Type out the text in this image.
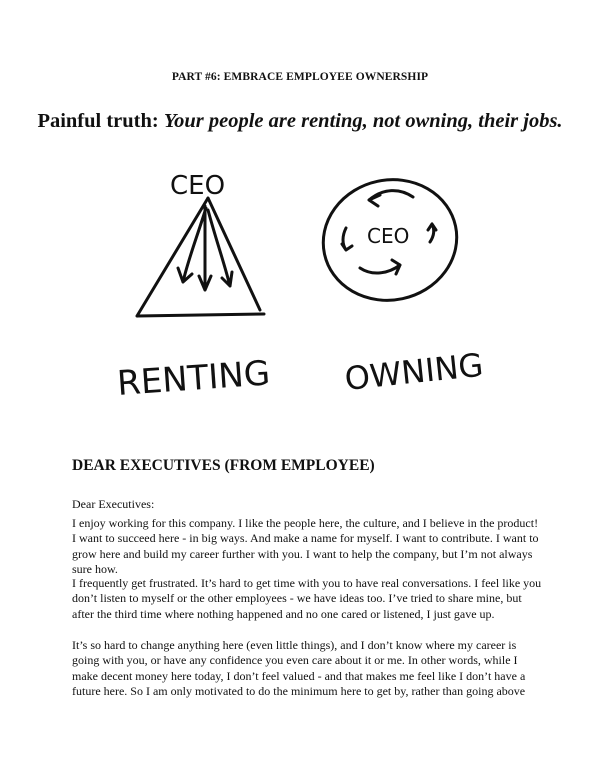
PART #6: EMBRACE EMPLOYEE OWNERSHIP
Painful truth: Your people are renting, not owning, their jobs.
CEO
RENTING
CEO
OWNING
DEAR EXECUTIVES (FROM EMPLOYEE)
Dear Executives:
I enjoy working for this company. I like the people here, the culture, and I believe in the product! I want to succeed here - in big ways. And make a name for myself. I want to contribute. I want to grow here and build my career further with you. I want to help the company, but I’m not always sure how.
I frequently get frustrated. It’s hard to get time with you to have real conversations. I feel like you don’t listen to myself or the other employees - we have ideas too. I’ve tried to share mine, but after the third time where nothing happened and no one cared or listened, I just gave up.
It’s so hard to change anything here (even little things), and I don’t know where my career is going with you, or have any confidence you even care about it or me. In other words, while I make decent money here today, I don’t feel valued - and that makes me feel like I don’t have a future here. So I am only motivated to do the minimum here to get by, rather than going above
